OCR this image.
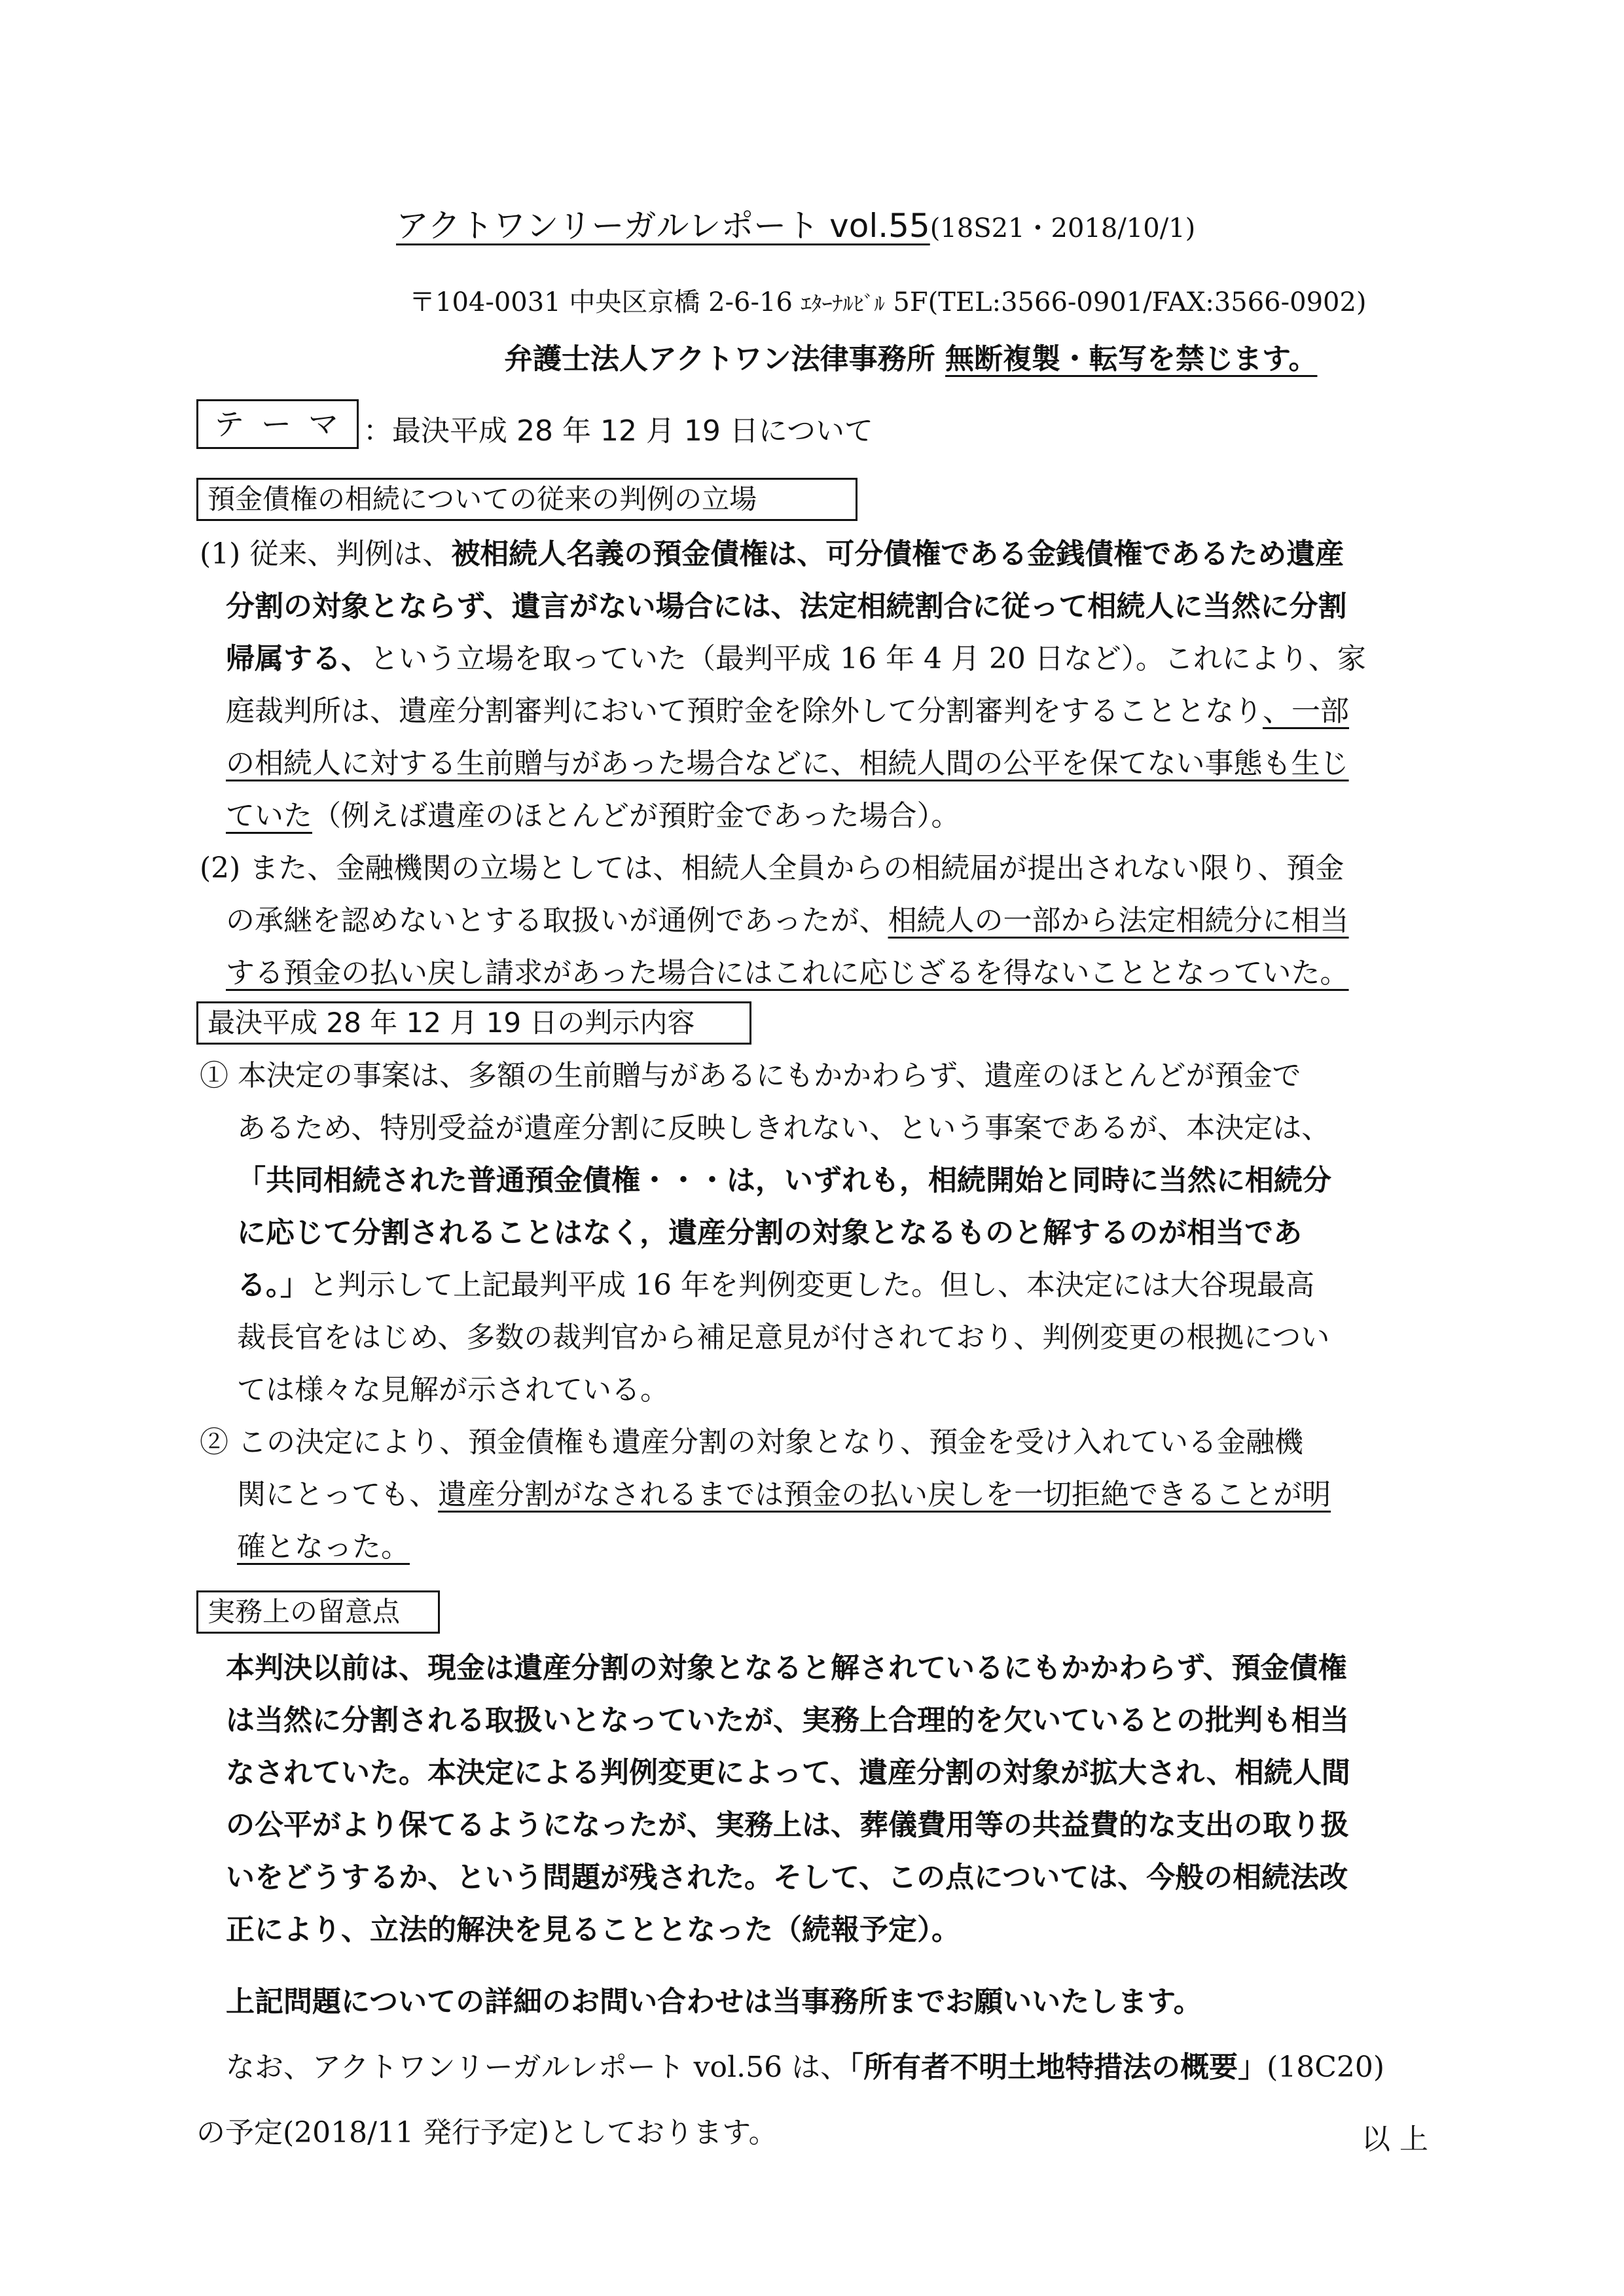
アクトワンリーガルレポート vol.55(18S21・2018/10/1)
〒104-0031 中央区京橋 2-6-16 ｴﾀｰﾅﾙﾋﾞﾙ 5F(TEL:3566-0901/FAX:3566-0902)
弁護士法人アクトワン法律事務所 無断複製・転写を禁じます。
テーマ ：最決平成 28 年 12 月 19 日について
預金債権の相続についての従来の判例の立場
(1) 従来、判例は、被相続人名義の預金債権は、可分債権である金銭債権であるため遺産
分割の対象とならず、遺言がない場合には、法定相続割合に従って相続人に当然に分割
帰属する、という立場を取っていた（最判平成 16 年 4 月 20 日など）。これにより、家
庭裁判所は、遺産分割審判において預貯金を除外して分割審判をすることとなり、一部
の相続人に対する生前贈与があった場合などに、相続人間の公平を保てない事態も生じ
ていた（例えば遺産のほとんどが預貯金であった場合）。
(2) また、金融機関の立場としては、相続人全員からの相続届が提出されない限り、預金
の承継を認めないとする取扱いが通例であったが、相続人の一部から法定相続分に相当
する預金の払い戻し請求があった場合にはこれに応じざるを得ないこととなっていた。
最決平成 28 年 12 月 19 日の判示内容
① 本決定の事案は、多額の生前贈与があるにもかかわらず、遺産のほとんどが預金で
あるため、特別受益が遺産分割に反映しきれない、という事案であるが、本決定は、
「共同相続された普通預金債権・・・は，いずれも，相続開始と同時に当然に相続分
に応じて分割されることはなく，遺産分割の対象となるものと解するのが相当であ
る。」と判示して上記最判平成 16 年を判例変更した。但し、本決定には大谷現最高
裁長官をはじめ、多数の裁判官から補足意見が付されており、判例変更の根拠につい
ては様々な見解が示されている。
② この決定により、預金債権も遺産分割の対象となり、預金を受け入れている金融機
関にとっても、遺産分割がなされるまでは預金の払い戻しを一切拒絶できることが明
確となった。
実務上の留意点
本判決以前は、現金は遺産分割の対象となると解されているにもかかわらず、預金債権
は当然に分割される取扱いとなっていたが、実務上合理的を欠いているとの批判も相当
なされていた。本決定による判例変更によって、遺産分割の対象が拡大され、相続人間
の公平がより保てるようになったが、実務上は、葬儀費用等の共益費的な支出の取り扱
いをどうするか、という問題が残された。そして、この点については、今般の相続法改
正により、立法的解決を見ることとなった（続報予定）。
上記問題についての詳細のお問い合わせは当事務所までお願いいたします。
なお、アクトワンリーガルレポート vol.56 は、「所有者不明土地特措法の概要」(18C20)
の予定(2018/11 発行予定)としております。	以 上
